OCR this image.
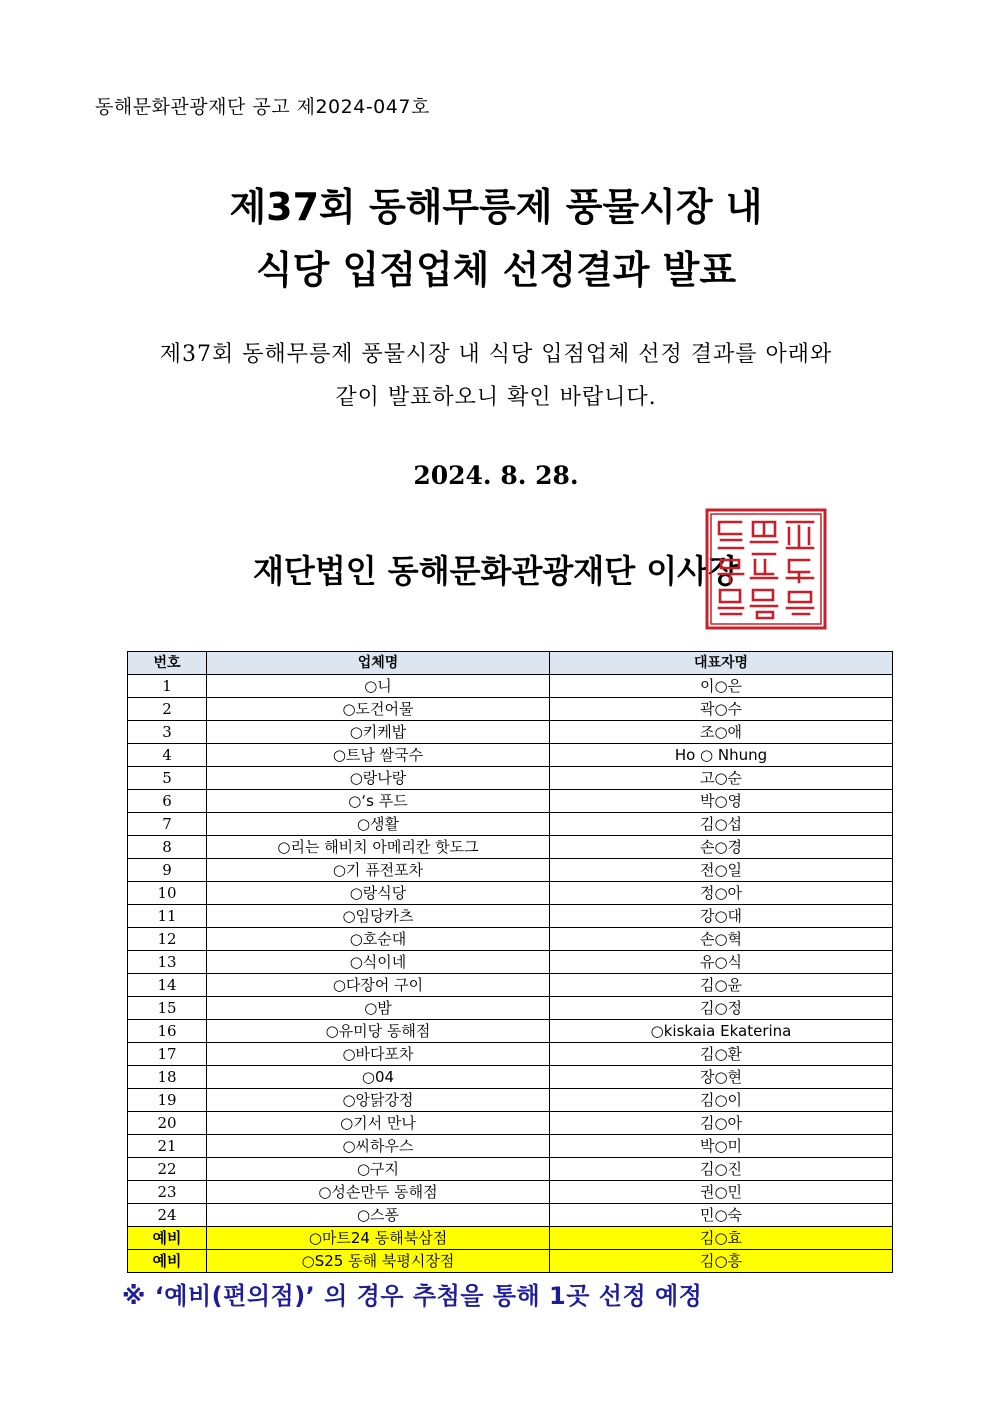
동해문화관광재단 공고 제2024-047호
제37회 동해무릉제 풍물시장 내
식당 입점업체 선정결과 발표
제37회 동해무릉제 풍물시장 내 식당 입점업체 선정 결과를 아래와
같이 발표하오니 확인 바랍니다.
2024. 8. 28.
재단법인 동해문화관광재단 이사장
번호	업체명	대표자명
1	○니	이○은
2	○도건어물	곽○수
3	○키케밥	조○애
4	○트남 쌀국수	Ho ○ Nhung
5	○랑나랑	고○순
6	○‘s 푸드	박○영
7	○생활	김○섭
8	○리는 해비치 아메리칸 핫도그	손○경
9	○기 퓨전포차	전○일
10	○랑식당	정○아
11	○임당카츠	강○대
12	○호순대	손○혁
13	○식이네	유○식
14	○다장어 구이	김○윤
15	○밤	김○정
16	○유미당 동해점	○kiskaia Ekaterina
17	○바다포차	김○환
18	○04	장○현
19	○앙닭강정	김○이
20	○기서 만나	김○아
21	○씨하우스	박○미
22	○구지	김○진
23	○성손만두 동해점	권○민
24	○스퐁	민○숙
예비	○마트24 동해북삼점	김○효
예비	○S25 동해 북평시장점	김○흥
※ ‘예비(편의점)’ 의 경우 추첨을 통해 1곳 선정 예정
